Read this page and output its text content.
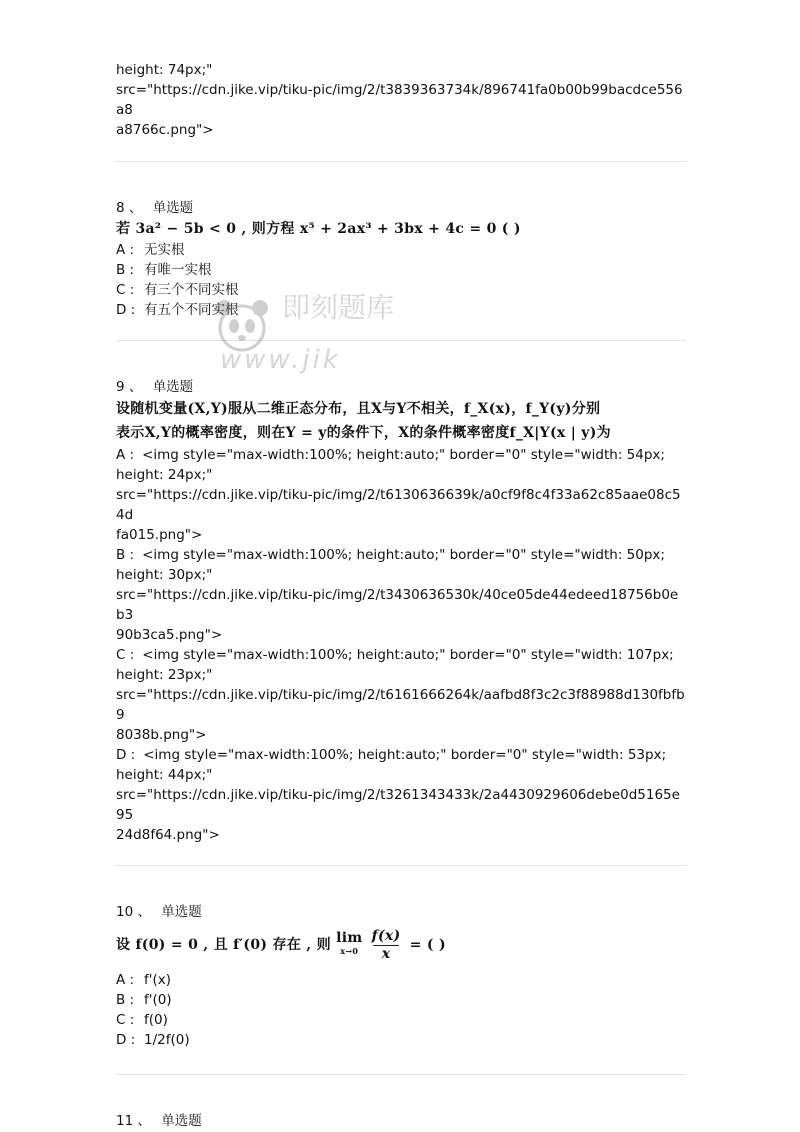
height: 74px;"
src="https://cdn.jike.vip/tiku-pic/img/2/t3839363734k/896741fa0b00b99bacdce556a8
a8766c.png">
8 、 单选题
若 3a² − 5b < 0 , 则方程 x⁵ + 2ax³ + 3bx + 4c = 0 ( )
A : 无实根
B : 有唯一实根
C : 有三个不同实根
D : 有五个不同实根
9 、 单选题
设随机变量(X,Y)服从二维正态分布，且X与Y不相关，f_X(x)，f_Y(y)分别
表示X,Y的概率密度，则在Y = y的条件下，X的条件概率密度f_X|Y(x | y)为
A : <img style="max-width:100%; height:auto;" border="0" style="width: 54px;
height: 24px;"
src="https://cdn.jike.vip/tiku-pic/img/2/t6130636639k/a0cf9f8c4f33a62c85aae08c54d
fa015.png">
B : <img style="max-width:100%; height:auto;" border="0" style="width: 50px;
height: 30px;"
src="https://cdn.jike.vip/tiku-pic/img/2/t3430636530k/40ce05de44edeed18756b0eb3
90b3ca5.png">
C : <img style="max-width:100%; height:auto;" border="0" style="width: 107px;
height: 23px;"
src="https://cdn.jike.vip/tiku-pic/img/2/t6161666264k/aafbd8f3c2c3f88988d130fbfb9
8038b.png">
D : <img style="max-width:100%; height:auto;" border="0" style="width: 53px;
height: 44px;"
src="https://cdn.jike.vip/tiku-pic/img/2/t3261343433k/2a4430929606debe0d5165e95
24d8f64.png">
10 、 单选题
设 f(0) = 0 , 且 f′(0) 存在 , 则 lim
x→0
$\frac{f(x)}{x}$ = ( )
A : f'(x)
B : f'(0)
C : f(0)
D : 1/2f(0)
11 、 单选题
即刻题库
www.jik
